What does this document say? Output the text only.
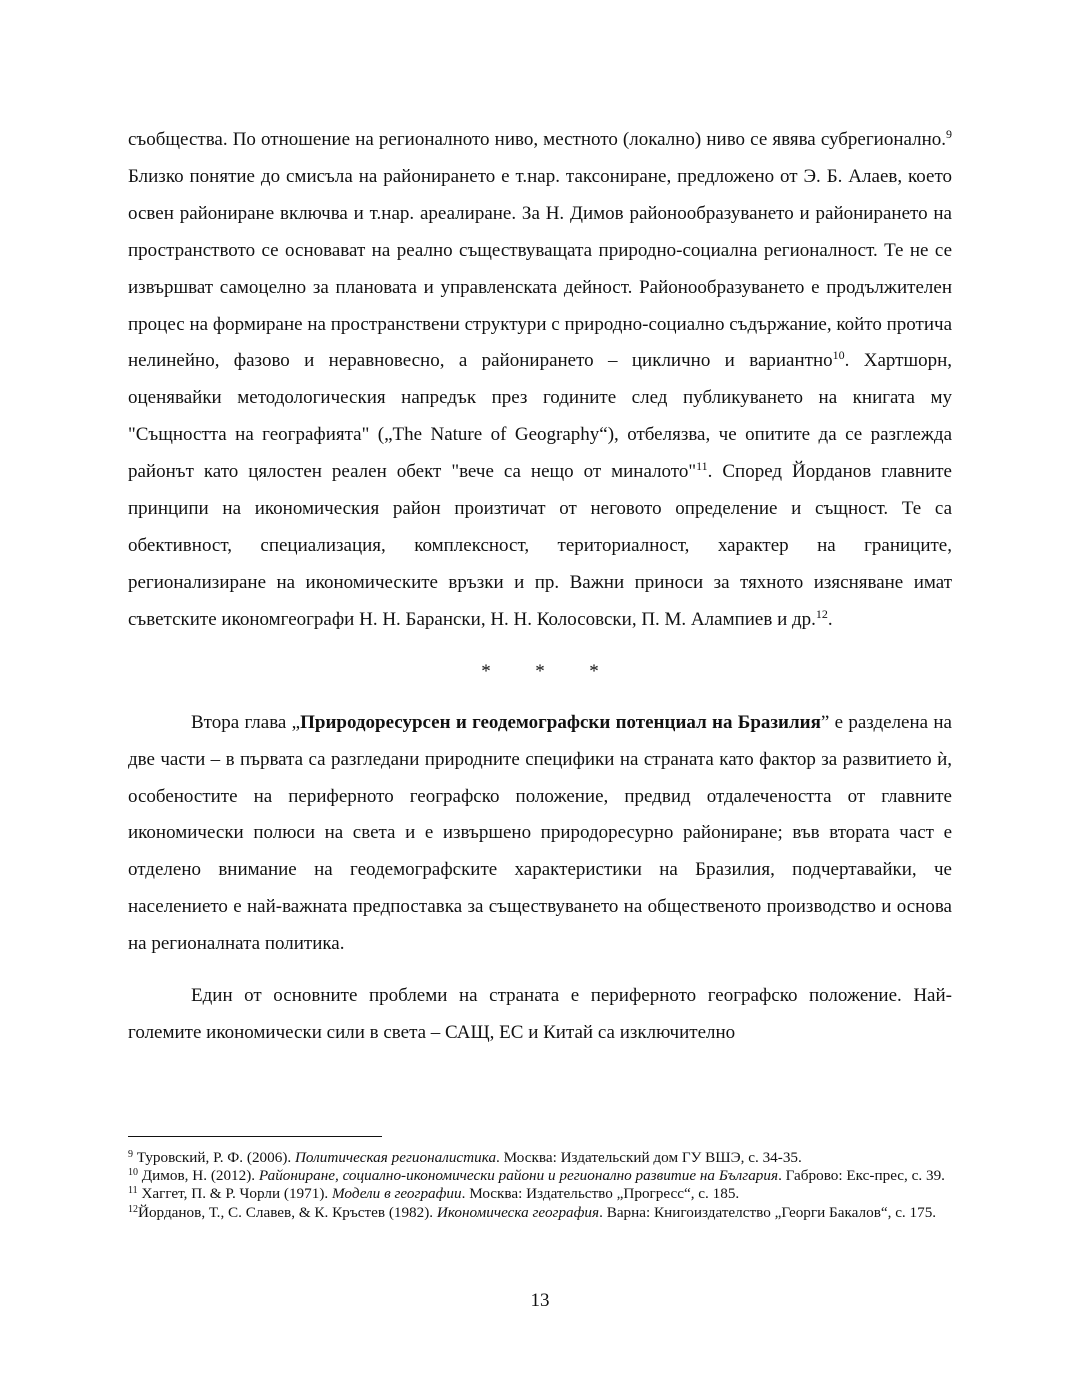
съобщества. По отношение на регионалното ниво, местното (локално) ниво се явява субрегионално.$^9$ Близко понятие до смисъла на районирането е т.нар. таксониране, предложено от Э. Б. Алаев, което освен райониране включва и т.нар. ареалиране. За Н. Димов районообразуването и районирането на пространството се основават на реално съществуващата природно-социална регионалност. Те не се извършват самоцелно за плановата и управленската дейност. Районообразуването е продължителен процес на формиране на пространствени структури с природно-социално съдържание, който протича нелинейно, фазово и неравновесно, а районирането – циклично и вариантно$^{10}$. Хартшорн, оценявайки методологическия напредък през годините след публикуването на книгата му "Същността на географията" („The Nature of Geography“), отбелязва, че опитите да се разглежда районът като цялостен реален обект "вече са нещо от миналото"$^{11}$. Според Йорданов главните принципи на икономическия район произтичат от неговото определение и същност. Те са обективност, специализация, комплексност, териториалност, характер на границите, регионализиране на икономическите връзки и пр. Важни приноси за тяхното изясняване имат съветските икономгеографи Н. Н. Барански, Н. Н. Колосовски, П. М. Алампиев и др.$^{12}$.

* * *

Втора глава „Природоресурсен и геодемографски потенциал на Бразилия” е разделена на две части – в първата са разгледани природните специфики на страната като фактор за развитието ѝ, особеностите на периферното географско положение, предвид отдалечеността от главните икономически полюси на света и е извършено природоресурно райониране; във втората част е отделено внимание на геодемографските характеристики на Бразилия, подчертавайки, че населението е най-важната предпоставка за съществуването на общественото производство и основа на регионалната политика.

Един от основните проблеми на страната е периферното географско положение. Най-големите икономически сили в света – САЩ, ЕС и Китай са изключително

$^9$ Туровский, Р. Ф. (2006). Политическая регионалистика. Москва: Издательский дом ГУ ВШЭ, с. 34-35.

$^{10}$ Димов, Н. (2012). Райониране, социално-икономически райони и регионално развитие на България. Габрово: Екс-прес, с. 39.

$^{11}$ Хаггет, П. & Р. Чорли (1971). Модели в географии. Москва: Издательство „Прогресс“, с. 185.

$^{12}$Йорданов, Т., С. Славев, & К. Кръстев (1982). Икономическа география. Варна: Книгоиздателство „Георги Бакалов“, с. 175.

13
